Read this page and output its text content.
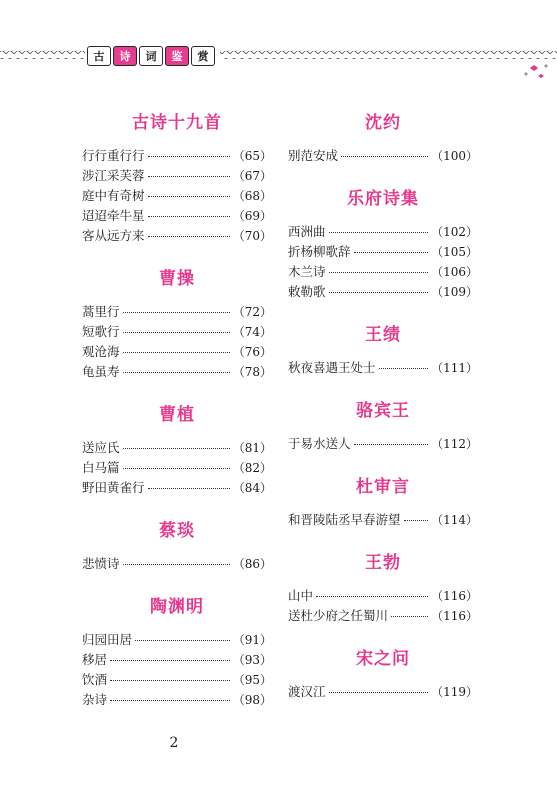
古	诗	词	鉴	赏
古诗十九首
行行重行行	（65）
涉江采芙蓉	（67）
庭中有奇树	（68）
迢迢牵牛星	（69）
客从远方来	（70）
曹操
蒿里行	（72）
短歌行	（74）
观沧海	（76）
龟虽寿	（78）
曹植
送应氏	（81）
白马篇	（82）
野田黄雀行	（84）
蔡琰
悲愤诗	（86）
陶渊明
归园田居	（91）
移居	（93）
饮酒	（95）
杂诗	（98）
沈约
别范安成	（100）
乐府诗集
西洲曲	（102）
折杨柳歌辞	（105）
木兰诗	（106）
敕勒歌	（109）
王绩
秋夜喜遇王处士	（111）
骆宾王
于易水送人	（112）
杜审言
和晋陵陆丞早春游望	（114）
王勃
山中	（116）
送杜少府之任蜀川	（116）
宋之问
渡汉江	（119）
2
